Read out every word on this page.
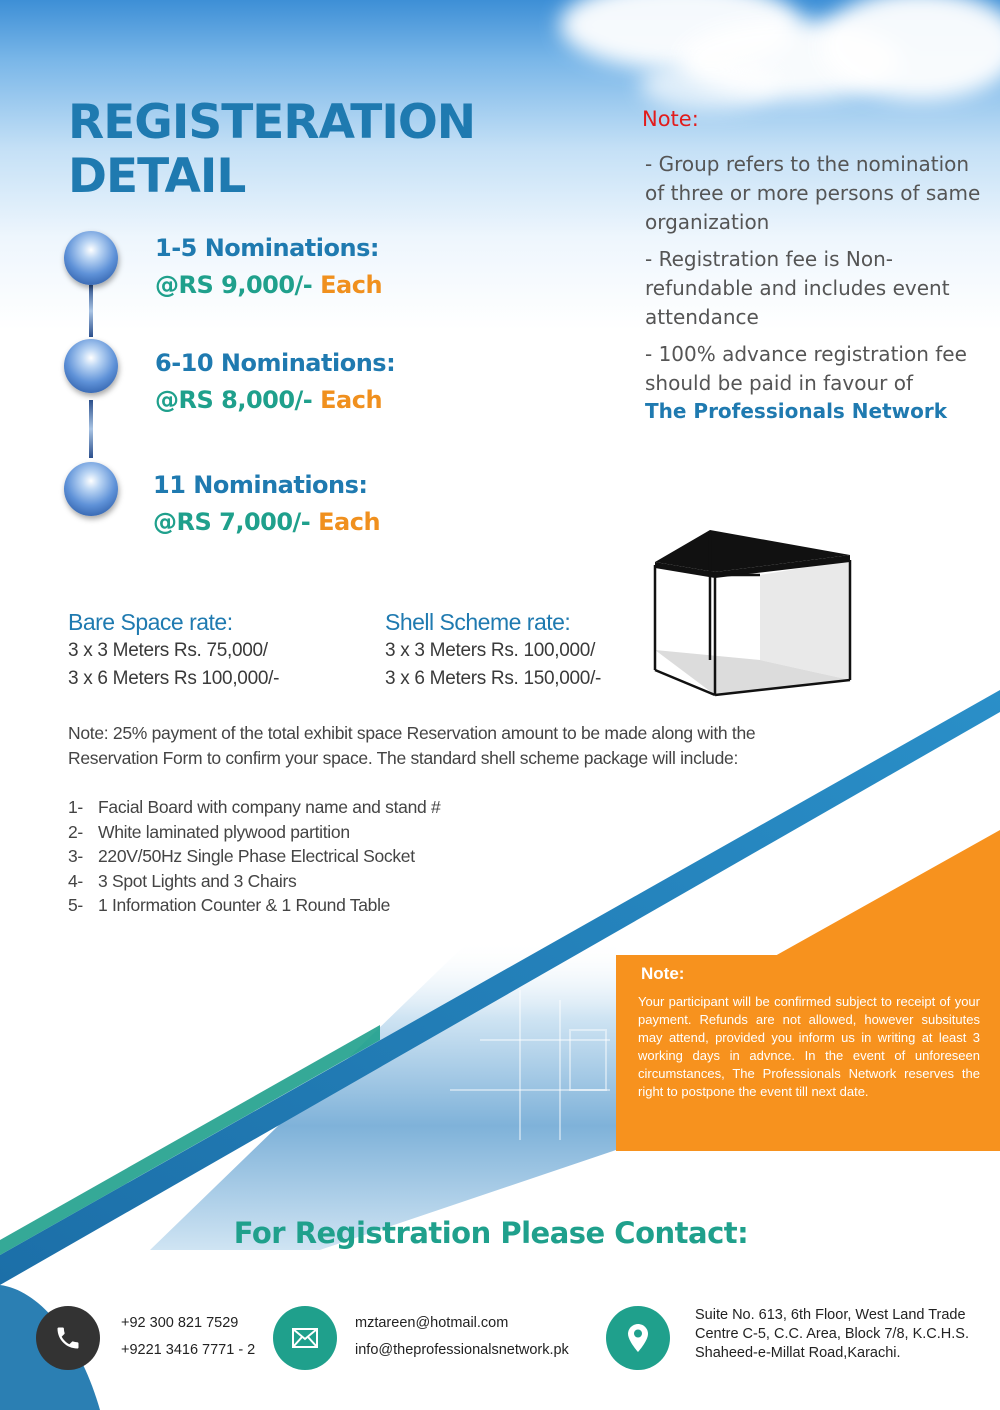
REGISTERATION
DETAIL

1-5 Nominations:

@RS 9,000/- Each

6-10 Nominations:

@RS 8,000/- Each

11 Nominations:

@RS 7,000/- Each

Note:

- Group refers to the nomination of three or more persons of same organization

- Registration fee is Non-refundable and includes event attendance

- 100% advance registration fee should be paid in favour of

The Professionals Network

Bare Space rate:

3 x 3 Meters Rs. 75,000/

3 x 6 Meters Rs 100,000/-

Shell Scheme rate:

3 x 3 Meters Rs. 100,000/

3 x 6 Meters Rs. 150,000/-

Note: 25% payment of the total exhibit space Reservation amount to be made along with the Reservation Form to confirm your space. The standard shell scheme package will include:

1- Facial Board with company name and stand #

2- White laminated plywood partition

3- 220V/50Hz Single Phase Electrical Socket

4- 3 Spot Lights and 3 Chairs

5- 1 Information Counter & 1 Round Table

Note:

Your participant will be confirmed subject to receipt of your payment. Refunds are not allowed, however subsitutes may attend, provided you inform us in writing at least 3 working days in advnce. In the event of unforeseen circumstances, The Professionals Network reserves the right to postpone the event till next date.

For Registration Please Contact:

+92 300 821 7529

+9221 3416 7771 - 2

mztareen@hotmail.com

info@theprofessionalsnetwork.pk

Suite No. 613, 6th Floor, West Land Trade Centre C-5, C.C. Area, Block 7/8, K.C.H.S. Shaheed-e-Millat Road,Karachi.
